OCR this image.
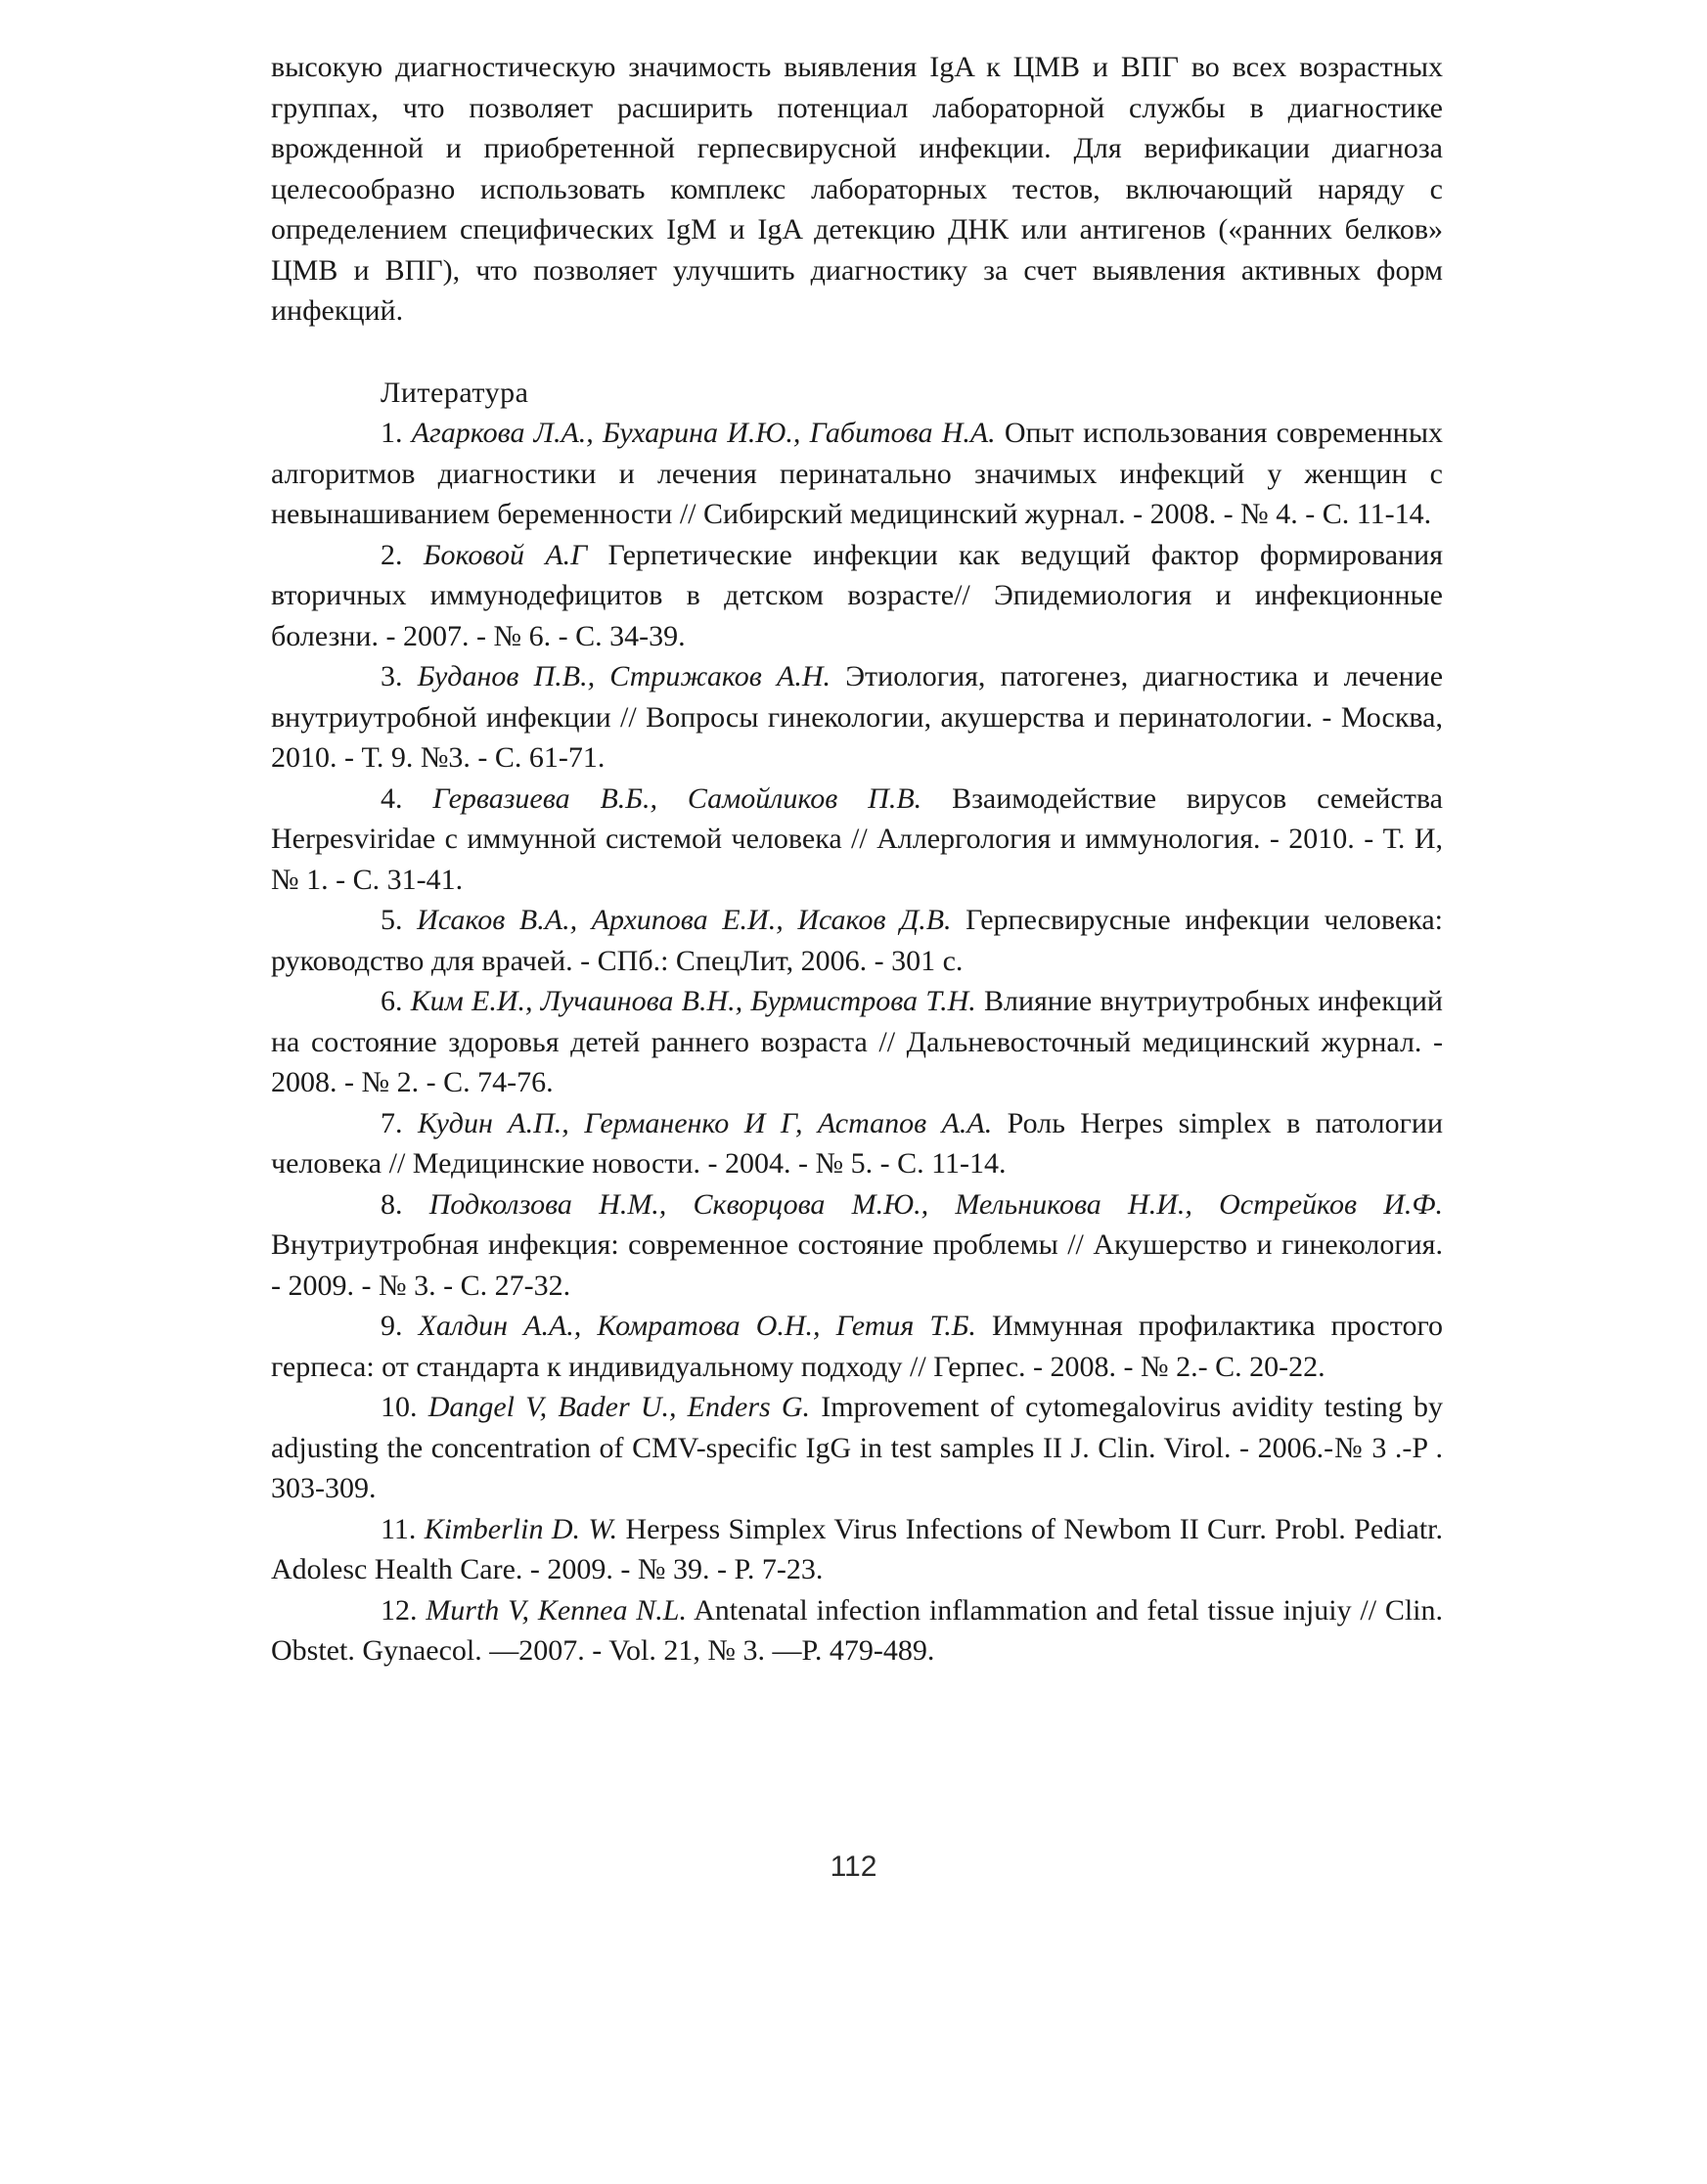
высокую диагностическую значимость выявления IgA к ЦМВ и ВПГ во всех возрастных группах, что позволяет расширить потенциал лабораторной службы в диагностике врожденной и приобретенной герпесвирусной инфекции. Для верификации диагноза целесообразно использовать комплекс лабораторных тестов, включающий наряду с определением специфических IgM и IgA детекцию ДНК или антигенов («ранних белков» ЦМВ и ВПГ), что позволяет улучшить диагностику за счет выявления активных форм инфекций.

Литература

1. Агаркова Л.А., Бухарина И.Ю., Габитова Н.А. Опыт использования современных алгоритмов диагностики и лечения перинатально значимых инфекций у женщин с невынашиванием беременности // Сибирский медицинский журнал. - 2008. - № 4. - С. 11-14.
2. Боковой А.Г Герпетические инфекции как ведущий фактор формирования вторичных иммунодефицитов в детском возрасте// Эпидемиология и инфекционные болезни. - 2007. - № 6. - С. 34-39.
3. Буданов П.В., Стрижаков А.Н. Этиология, патогенез, диагностика и лечение внутриутробной инфекции // Вопросы гинекологии, акушерства и перинатологии. - Москва, 2010. - Т. 9. №3. - С. 61-71.
4. Гервазиева В.Б., Самойликов П.В. Взаимодействие вирусов семейства Herpesviridae с иммунной системой человека // Аллергология и иммунология. - 2010. - Т. И, № 1. - С. 31-41.
5. Исаков В.А., Архипова Е.И., Исаков Д.В. Герпесвирусные инфекции человека: руководство для врачей. - СПб.: СпецЛит, 2006. - 301 с.
6. Ким Е.И., Лучаинова В.Н., Бурмистрова Т.Н. Влияние внутриутробных инфекций на состояние здоровья детей раннего возраста // Дальневосточный медицинский журнал. - 2008. - № 2. - С. 74-76.
7. Кудин А.П., Германенко И Г, Астапов А.А. Роль Herpes simplex в патологии человека // Медицинские новости. - 2004. - № 5. - С. 11-14.
8. Подколзова Н.М., Скворцова М.Ю., Мельникова Н.И., Острейков И.Ф. Внутриутробная инфекция: современное состояние проблемы // Акушерство и гинекология. - 2009. - № 3. - С. 27-32.
9. Халдин А.А., Комратова О.Н., Гетия Т.Б. Иммунная профилактика простого герпеса: от стандарта к индивидуальному подходу // Герпес. - 2008. - № 2.- С. 20-22.
10. Dangel V, Bader U., Enders G. Improvement of cytomegalovirus avidity testing by adjusting the concentration of CMV-specific IgG in test samples II J. Clin. Virol. - 2006.-№ 3 .-P . 303-309.
11. Kimberlin D. W. Herpess Simplex Virus Infections of Newbom II Curr. Probl. Pediatr. Adolesc Health Care. - 2009. - № 39. - P. 7-23.
12. Murth V, Kennea N.L. Antenatal infection inflammation and fetal tissue injuiy // Clin. Obstet. Gynaecol. —2007. - Vol. 21, № 3. —P. 479-489.
112
